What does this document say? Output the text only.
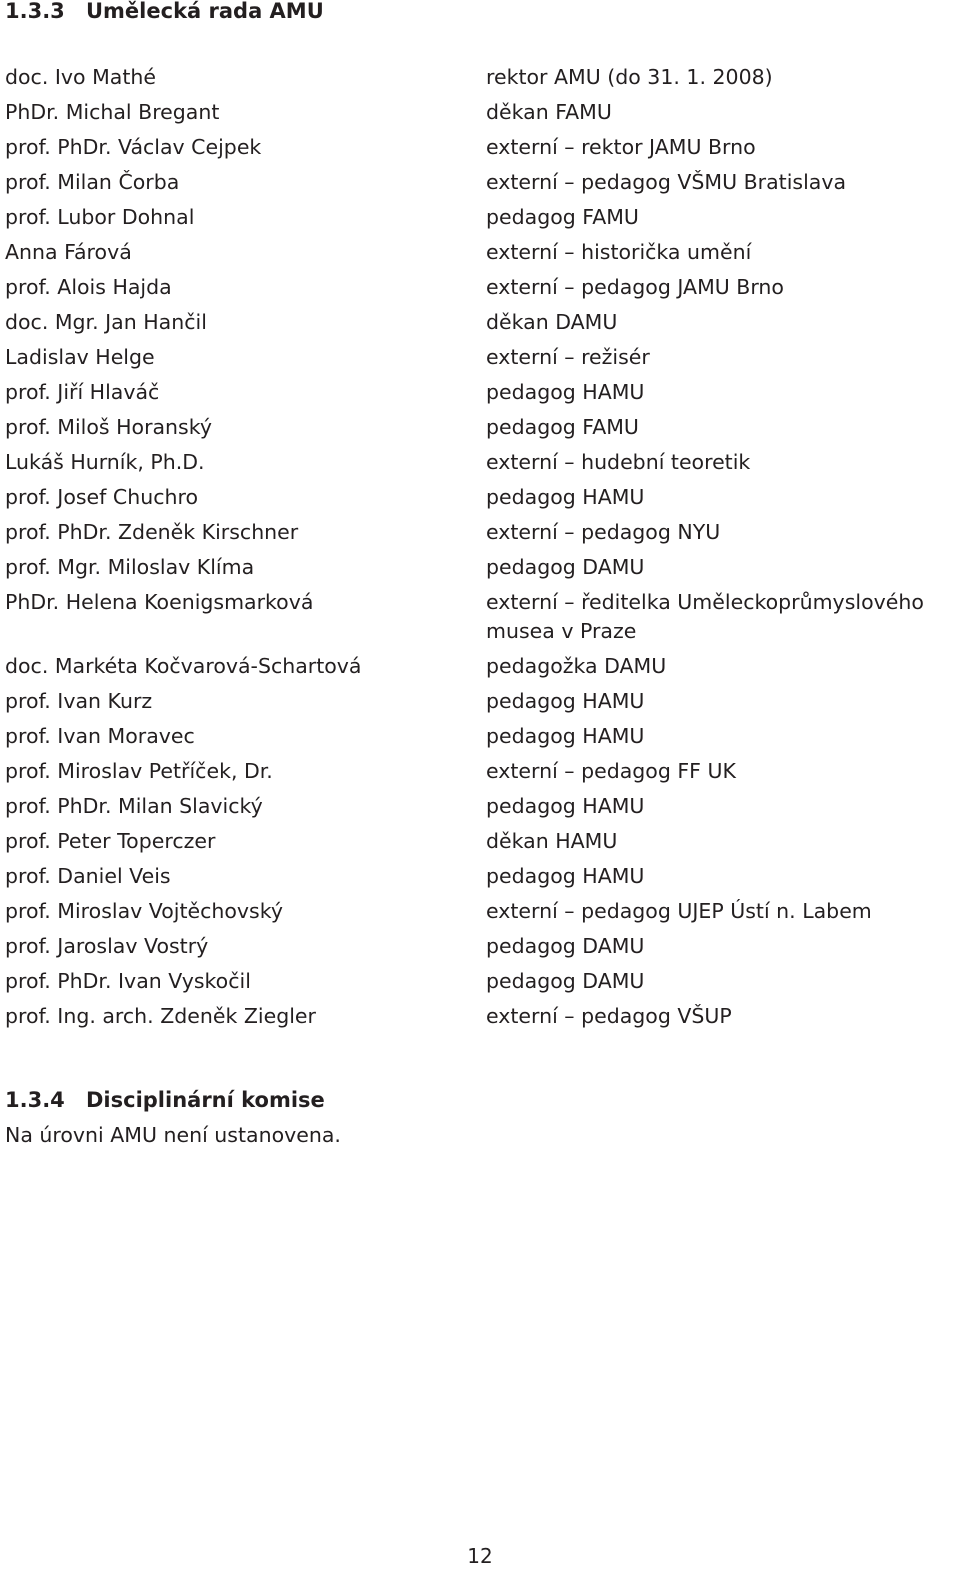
1.3.3 Umělecká rada AMU
doc. Ivo Mathé	rektor AMU (do 31. 1. 2008)
PhDr. Michal Bregant	děkan FAMU
prof. PhDr. Václav Cejpek	externí – rektor JAMU Brno
prof. Milan Čorba	externí – pedagog VŠMU Bratislava
prof. Lubor Dohnal	pedagog FAMU
Anna Fárová	externí – historička umění
prof. Alois Hajda	externí – pedagog JAMU Brno
doc. Mgr. Jan Hančil	děkan DAMU
Ladislav Helge	externí – režisér
prof. Jiří Hlaváč	pedagog HAMU
prof. Miloš Horanský	pedagog FAMU
Lukáš Hurník, Ph.D.	externí – hudební teoretik
prof. Josef Chuchro	pedagog HAMU
prof. PhDr. Zdeněk Kirschner	externí – pedagog NYU
prof. Mgr. Miloslav Klíma	pedagog DAMU
PhDr. Helena Koenigsmarková	externí – ředitelka Uměleckoprůmyslového musea v Praze
doc. Markéta Kočvarová-Schartová	pedagožka DAMU
prof. Ivan Kurz	pedagog HAMU
prof. Ivan Moravec	pedagog HAMU
prof. Miroslav Petříček, Dr.	externí – pedagog FF UK
prof. PhDr. Milan Slavický	pedagog HAMU
prof. Peter Toperczer	děkan HAMU
prof. Daniel Veis	pedagog HAMU
prof. Miroslav Vojtěchovský	externí – pedagog UJEP Ústí n. Labem
prof. Jaroslav Vostrý	pedagog DAMU
prof. PhDr. Ivan Vyskočil	pedagog DAMU
prof. Ing. arch. Zdeněk Ziegler	externí – pedagog VŠUP
1.3.4 Disciplinární komise
Na úrovni AMU není ustanovena.
12
